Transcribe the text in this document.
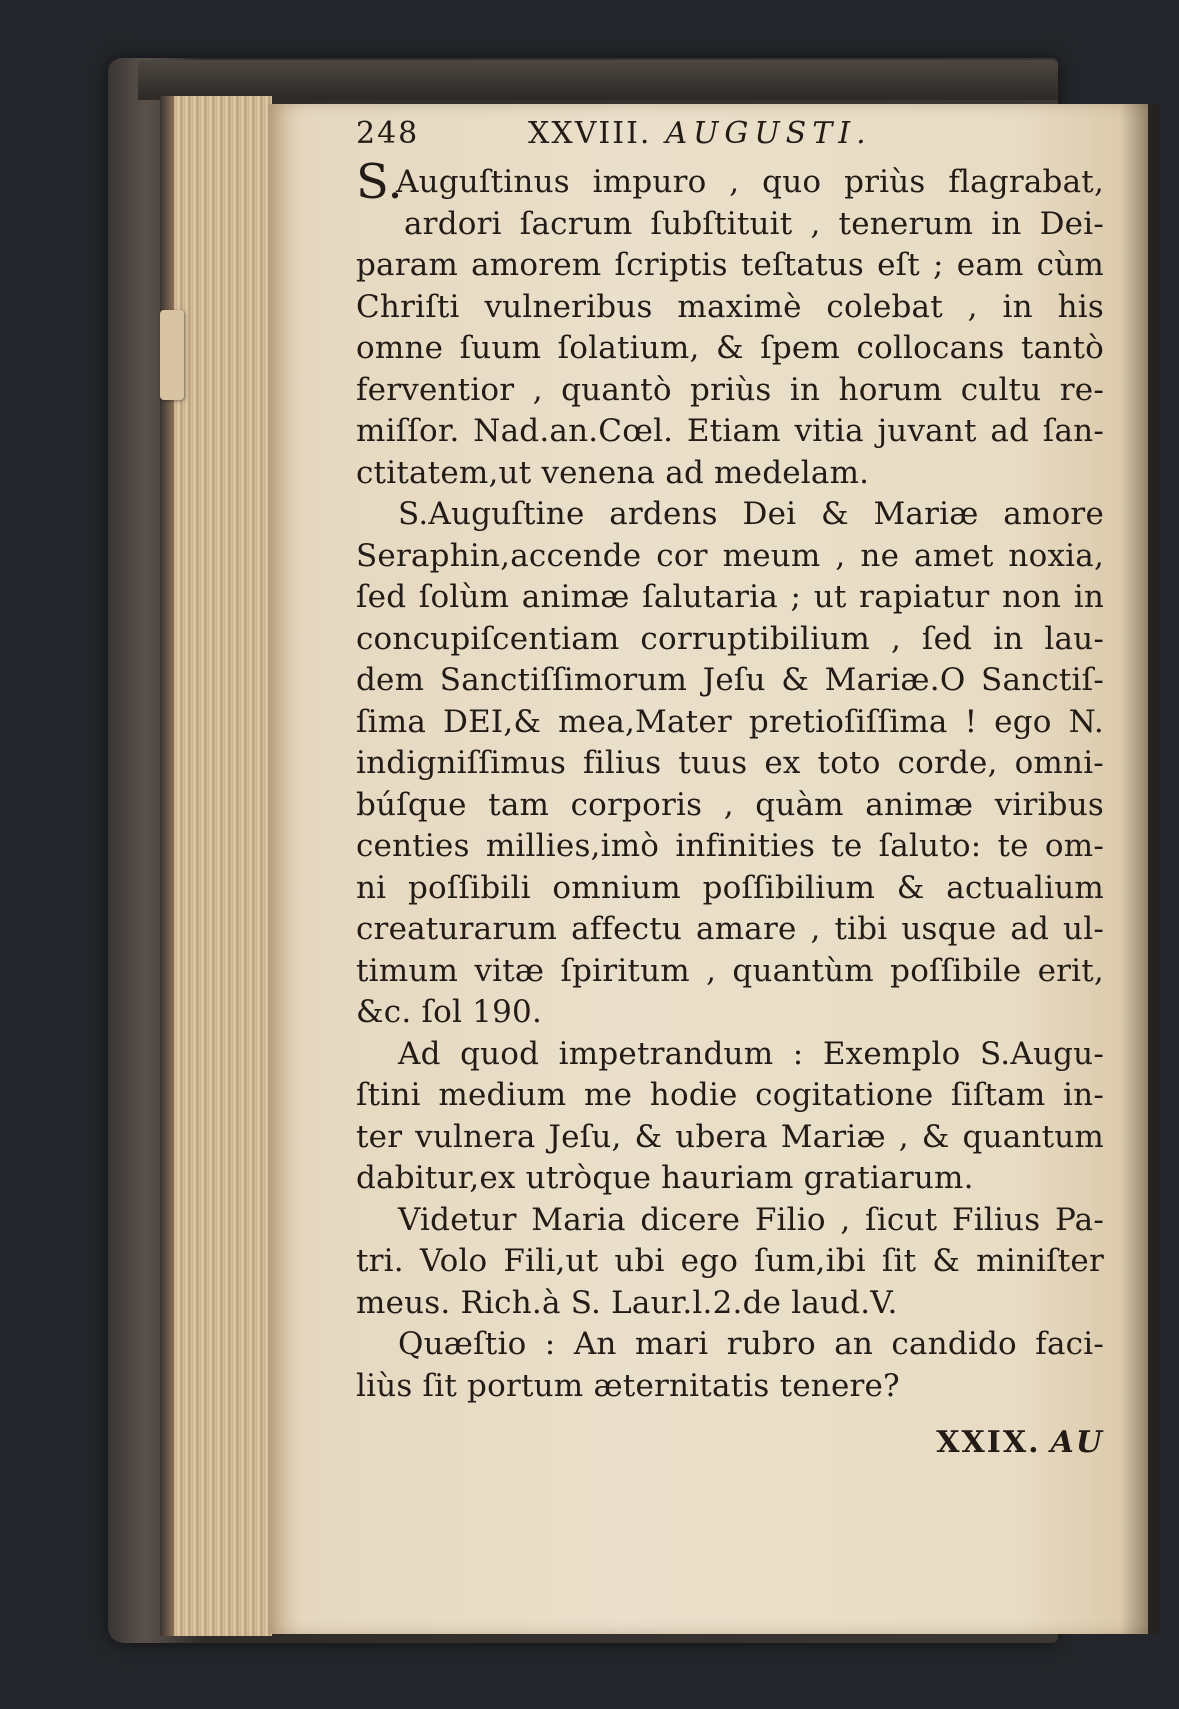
248	XXVIII. AUGUSTI.
S.Auguſtinus impuro , quo priùs flagrabat,
ardori ſacrum ſubſtituit , tenerum in Dei-
param amorem ſcriptis teſtatus eſt ; eam cùm
Chriſti vulneribus maximè colebat , in his
omne ſuum ſolatium, & ſpem collocans tantò
ferventior , quantò priùs in horum cultu re-
miſſor. Nad.an.Cœl. Etiam vitia juvant ad ſan-
ctitatem,ut venena ad medelam.
S.Auguſtine ardens Dei & Mariæ amore
Seraphin,accende cor meum , ne amet noxia,
ſed ſolùm animæ ſalutaria ; ut rapiatur non in
concupiſcentiam corruptibilium , ſed in lau-
dem Sanctiſſimorum Jeſu & Mariæ.O Sanctiſ-
ſima DEI,& mea,Mater pretioſiſſima ! ego N.
indigniſſimus filius tuus ex toto corde, omni-
búſque tam corporis , quàm animæ viribus
centies millies,imò infinities te ſaluto: te om-
ni poſſibili omnium poſſibilium & actualium
creaturarum affectu amare , tibi usque ad ul-
timum vitæ ſpiritum , quantùm poſſibile erit,
&c. ſol 190.
Ad quod impetrandum : Exemplo S.Augu-
ſtini medium me hodie cogitatione ſiſtam in-
ter vulnera Jeſu, & ubera Mariæ , & quantum
dabitur,ex utròque hauriam gratiarum.
Videtur Maria dicere Filio , ſicut Filius Pa-
tri. Volo Fili,ut ubi ego ſum,ibi ſit & miniſter
meus. Rich.à S. Laur.l.2.de laud.V.
Quæſtio : An mari rubro an candido faci-
liùs ſit portum æternitatis tenere?
XXIX. AU
